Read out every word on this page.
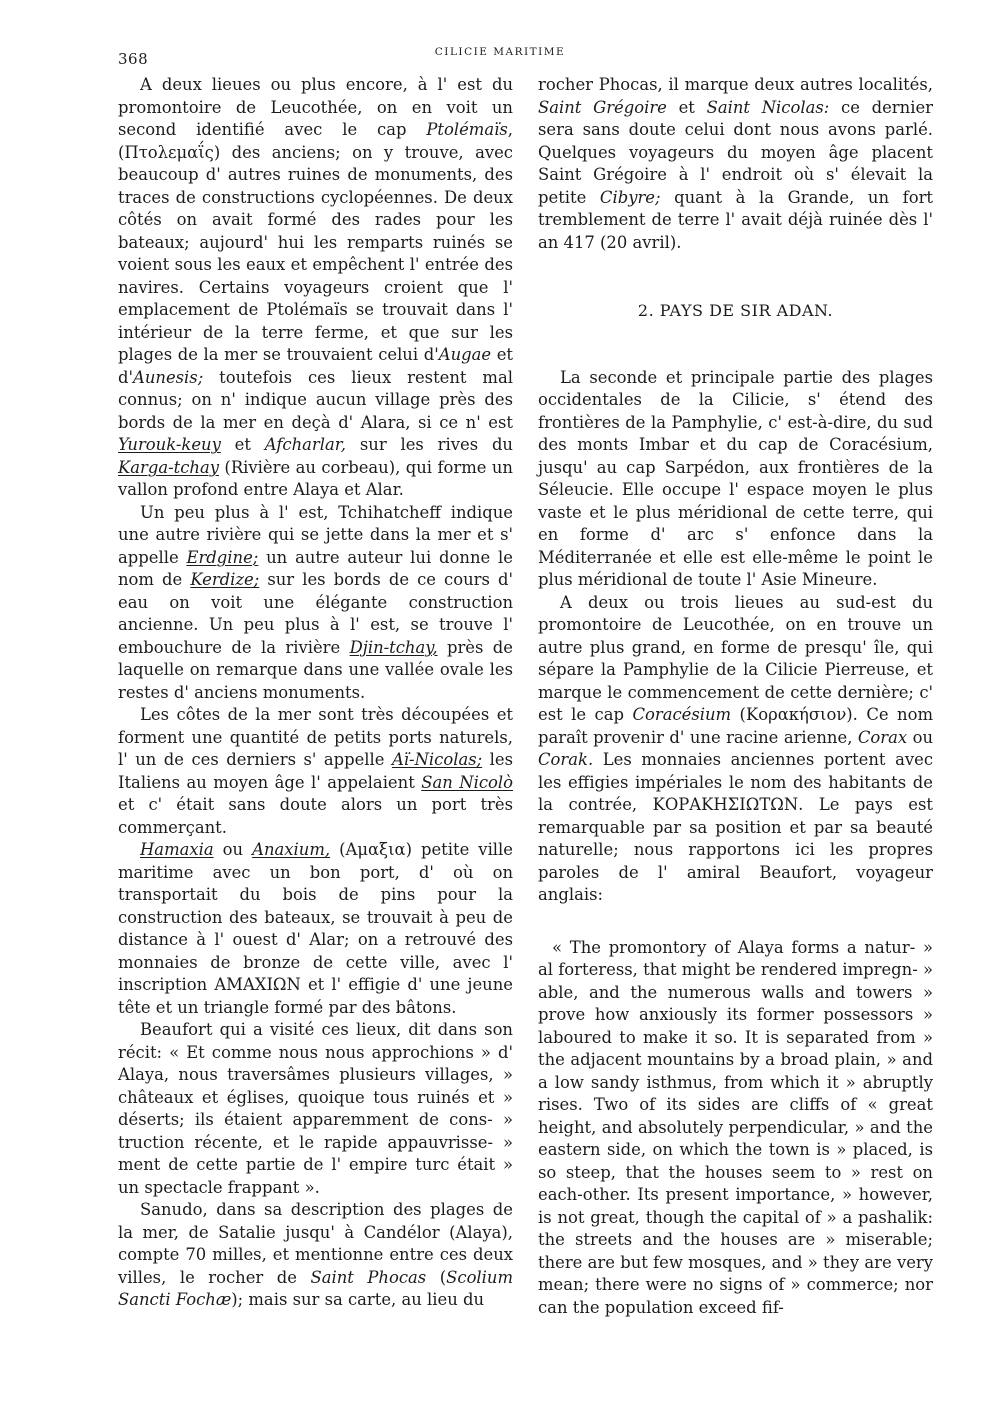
368	CILICIE MARITIME

A deux lieues ou plus encore, à l' est du promontoire de Leucothée, on en voit un second identifié avec le cap Ptolémaïs, (Πτολεμαΐς) des anciens; on y trouve, avec beaucoup d' autres ruines de monuments, des traces de constructions cyclopéennes. De deux côtés on avait formé des rades pour les bateaux; aujourd' hui les remparts ruinés se voient sous les eaux et empêchent l' entrée des navires. Certains voyageurs croient que l' emplacement de Ptolémaïs se trouvait dans l' intérieur de la terre ferme, et que sur les plages de la mer se trouvaient celui d'Augae et d'Aunesis; toutefois ces lieux restent mal connus; on n' indique aucun village près des bords de la mer en deçà d' Alara, si ce n' est Yurouk-keuy et Afcharlar, sur les rives du Karga-tchay (Rivière au corbeau), qui forme un vallon profond entre Alaya et Alar.

Un peu plus à l' est, Tchihatcheff indique une autre rivière qui se jette dans la mer et s' appelle Erdgine; un autre auteur lui donne le nom de Kerdize; sur les bords de ce cours d' eau on voit une élégante construction ancienne. Un peu plus à l' est, se trouve l' embouchure de la rivière Djin-tchay, près de laquelle on remarque dans une vallée ovale les restes d' anciens monuments.

Les côtes de la mer sont très découpées et forment une quantité de petits ports naturels, l' un de ces derniers s' appelle Aï-Nicolas; les Italiens au moyen âge l' appelaient San Nicolò et c' était sans doute alors un port très commerçant.

Hamaxia ou Anaxium, (Αμαξια) petite ville maritime avec un bon port, d' où on transportait du bois de pins pour la construction des bateaux, se trouvait à peu de distance à l' ouest d' Alar; on a retrouvé des monnaies de bronze de cette ville, avec l' inscription ΑΜΑΧΙΩΝ et l' effigie d' une jeune tête et un triangle formé par des bâtons.

Beaufort qui a visité ces lieux, dit dans son récit: « Et comme nous nous approchions » d' Alaya, nous traversâmes plusieurs villages, » châteaux et églises, quoique tous ruinés et » déserts; ils étaient apparemment de cons- » truction récente, et le rapide appauvrisse- » ment de cette partie de l' empire turc était » un spectacle frappant ».

Sanudo, dans sa description des plages de la mer, de Satalie jusqu' à Candélor (Alaya), compte 70 milles, et mentionne entre ces deux villes, le rocher de Saint Phocas (Scolium Sancti Fochæ); mais sur sa carte, au lieu du

rocher Phocas, il marque deux autres localités, Saint Grégoire et Saint Nicolas: ce dernier sera sans doute celui dont nous avons parlé. Quelques voyageurs du moyen âge placent Saint Grégoire à l' endroit où s' élevait la petite Cibyre; quant à la Grande, un fort tremblement de terre l' avait déjà ruinée dès l' an 417 (20 avril).

2. PAYS DE SIR ADAN.

La seconde et principale partie des plages occidentales de la Cilicie, s' étend des frontières de la Pamphylie, c' est-à-dire, du sud des monts Imbar et du cap de Coracésium, jusqu' au cap Sarpédon, aux frontières de la Séleucie. Elle occupe l' espace moyen le plus vaste et le plus méridional de cette terre, qui en forme d' arc s' enfonce dans la Méditerranée et elle est elle-même le point le plus méridional de toute l' Asie Mineure.

A deux ou trois lieues au sud-est du promontoire de Leucothée, on en trouve un autre plus grand, en forme de presqu' île, qui sépare la Pamphylie de la Cilicie Pierreuse, et marque le commencement de cette dernière; c' est le cap Coracésium (Κορακήσιον). Ce nom paraît provenir d' une racine arienne, Corax ou Corak. Les monnaies anciennes portent avec les effigies impériales le nom des habitants de la contrée, ΚΟΡΑΚΗΣΙΩΤΩΝ. Le pays est remarquable par sa position et par sa beauté naturelle; nous rapportons ici les propres paroles de l' amiral Beaufort, voyageur anglais:

« The promontory of Alaya forms a natur- » al forteress, that might be rendered impregn- » able, and the numerous walls and towers » prove how anxiously its former possessors » laboured to make it so. It is separated from » the adjacent mountains by a broad plain, » and a low sandy isthmus, from which it » abruptly rises. Two of its sides are cliffs of « great height, and absolutely perpendicular, » and the eastern side, on which the town is » placed, is so steep, that the houses seem to » rest on each-other. Its present importance, » however, is not great, though the capital of » a pashalik: the streets and the houses are » miserable; there are but few mosques, and » they are very mean; there were no signs of » commerce; nor can the population exceed fif-
